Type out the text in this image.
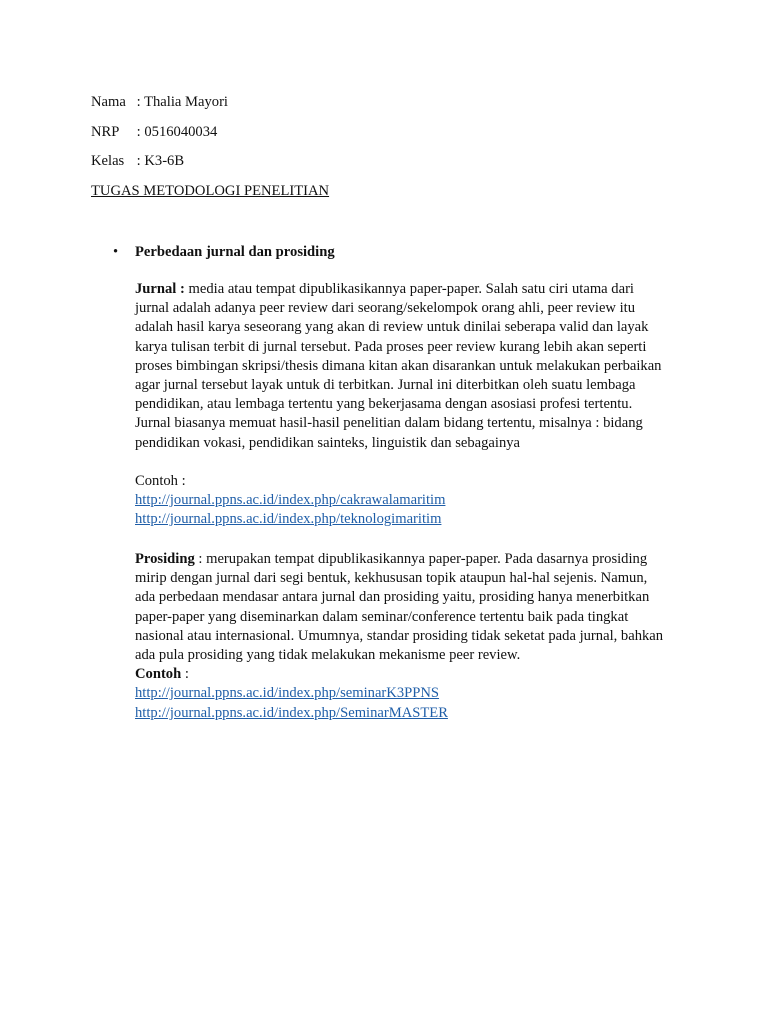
Nama : Thalia Mayori
NRP : 0516040034
Kelas : K3-6B
TUGAS METODOLOGI PENELITIAN
• Perbedaan jurnal dan prosiding

Jurnal : media atau tempat dipublikasikannya paper-paper. Salah satu ciri utama dari jurnal adalah adanya peer review dari seorang/sekelompok orang ahli, peer review itu adalah hasil karya seseorang yang akan di review untuk dinilai seberapa valid dan layak karya tulisan terbit di jurnal tersebut. Pada proses peer review kurang lebih akan seperti proses bimbingan skripsi/thesis dimana kitan akan disarankan untuk melakukan perbaikan agar jurnal tersebut layak untuk di terbitkan. Jurnal ini diterbitkan oleh suatu lembaga pendidikan, atau lembaga tertentu yang bekerjasama dengan asosiasi profesi tertentu. Jurnal biasanya memuat hasil-hasil penelitian dalam bidang tertentu, misalnya : bidang pendidikan vokasi, pendidikan sainteks, linguistik dan sebagainya

Contoh :
http://journal.ppns.ac.id/index.php/cakrawalamaritim
http://journal.ppns.ac.id/index.php/teknologimaritim

Prosiding : merupakan tempat dipublikasikannya paper-paper. Pada dasarnya prosiding mirip dengan jurnal dari segi bentuk, kekhususan topik ataupun hal-hal sejenis. Namun, ada perbedaan mendasar antara jurnal dan prosiding yaitu, prosiding hanya menerbitkan paper-paper yang diseminarkan dalam seminar/conference tertentu baik pada tingkat nasional atau internasional. Umumnya, standar prosiding tidak seketat pada jurnal, bahkan ada pula prosiding yang tidak melakukan mekanisme peer review.

Contoh :
http://journal.ppns.ac.id/index.php/seminarK3PPNS
http://journal.ppns.ac.id/index.php/SeminarMASTER
